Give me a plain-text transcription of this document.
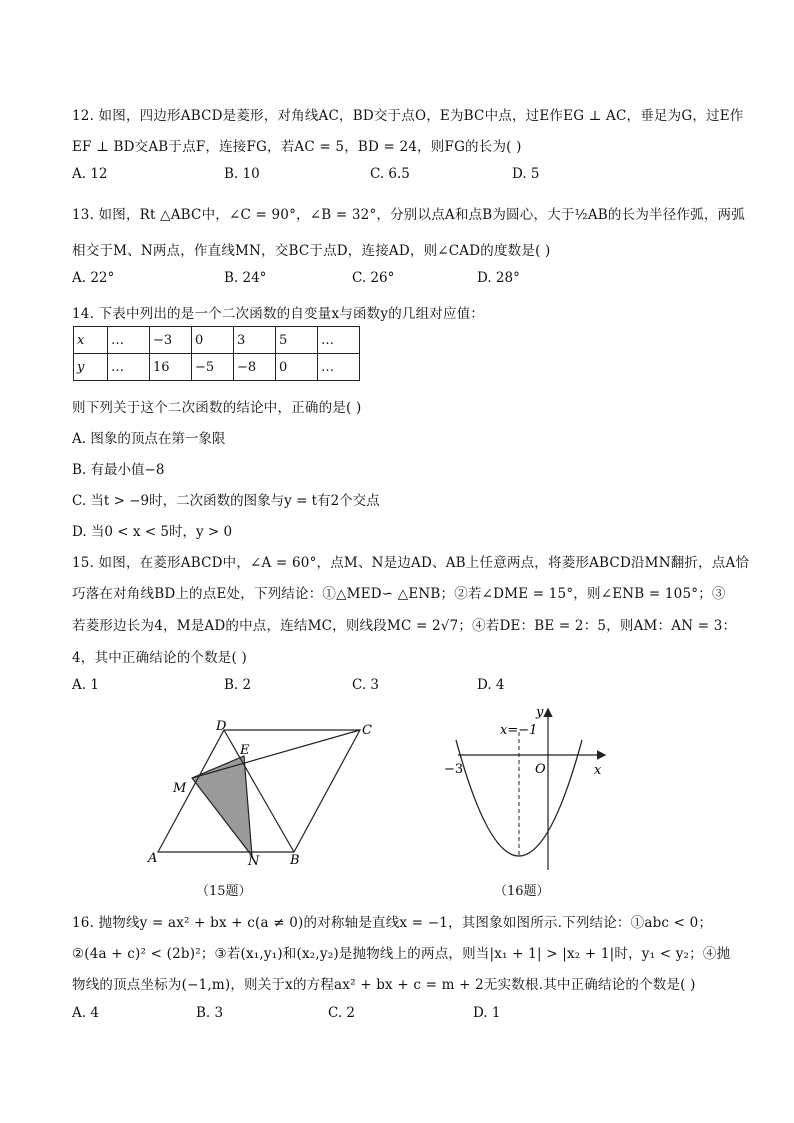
12. 如图，四边形ABCD是菱形，对角线AC，BD交于点O，E为BC中点，过E作EG ⊥ AC，垂足为G，过E作
EF ⊥ BD交AB于点F，连接FG，若AC = 5，BD = 24，则FG的长为( )
A. 12	B. 10	C. 6.5	D. 5
13. 如图，Rt △ABC中，∠C = 90°，∠B = 32°，分别以点A和点B为圆心，大于½AB的长为半径作弧，两弧
相交于M、N两点，作直线MN，交BC于点D，连接AD，则∠CAD的度数是( )
A. 22°	B. 24°	C. 26°	D. 28°
14. 下表中列出的是一个二次函数的自变量x与函数y的几组对应值：
x	…	−3	0	3	5	…
y	…	16	−5	−8	0	…
则下列关于这个二次函数的结论中，正确的是( )
A. 图象的顶点在第一象限
B. 有最小值−8
C. 当t > −9时，二次函数的图象与y = t有2个交点
D. 当0 < x < 5时，y > 0
15. 如图，在菱形ABCD中，∠A = 60°，点M、N是边AD、AB上任意两点，将菱形ABCD沿MN翻折，点A恰
巧落在对角线BD上的点E处，下列结论：①△MED∽ △ENB；②若∠DME = 15°，则∠ENB = 105°；③
若菱形边长为4，M是AD的中点，连结MC，则线段MC = 2√7；④若DE：BE = 2：5，则AM：AN = 3：
4，其中正确结论的个数是( )
A. 1	B. 2	C. 3	D. 4
A	B
C
D
E
M
N
（15题）
x=−1
−3	O	x
y
（16题）
16. 抛物线y = ax² + bx + c(a ≠ 0)的对称轴是直线x = −1，其图象如图所示.下列结论：①abc < 0；
②(4a + c)² < (2b)²；③若(x₁,y₁)和(x₂,y₂)是抛物线上的两点，则当|x₁ + 1| > |x₂ + 1|时，y₁ < y₂；④抛
物线的顶点坐标为(−1,m)，则关于x的方程ax² + bx + c = m + 2无实数根.其中正确结论的个数是( )
A. 4	B. 3	C. 2	D. 1
